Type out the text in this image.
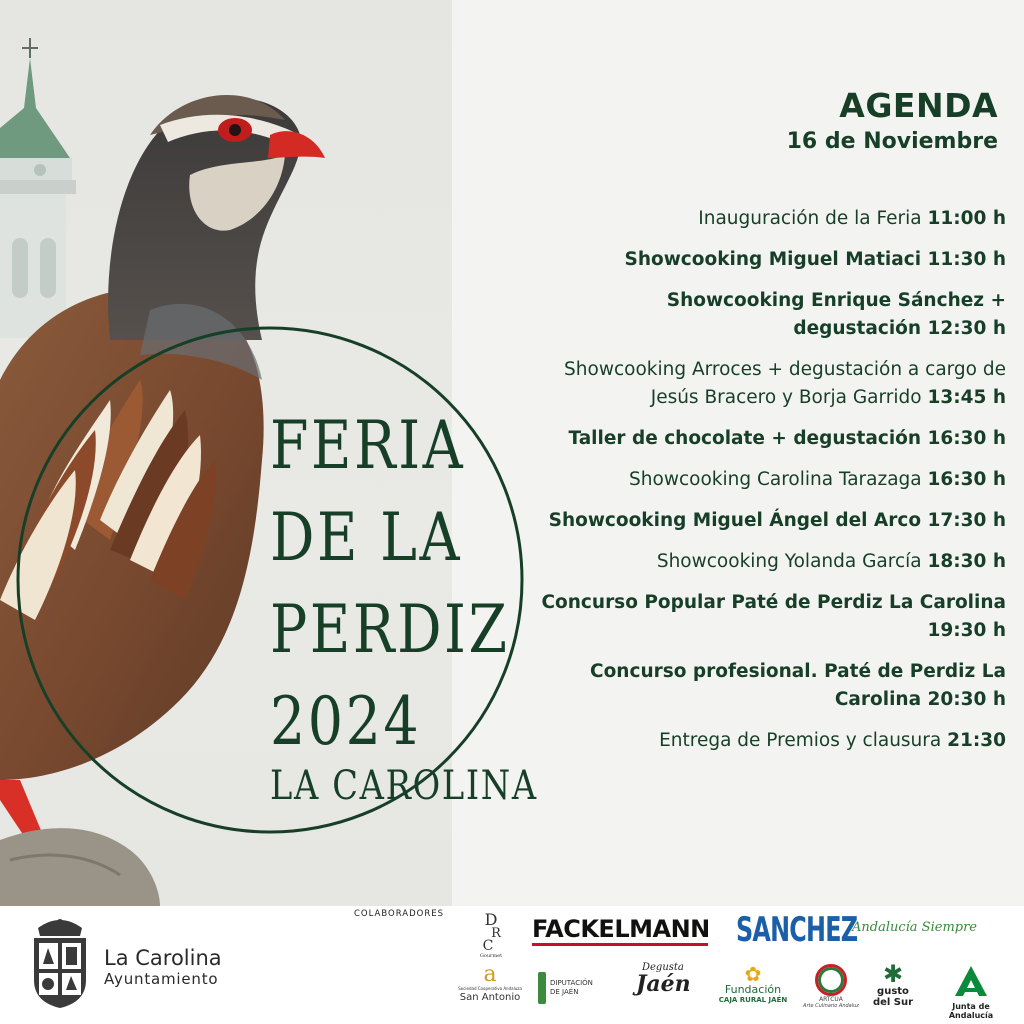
FERIA
DE LA
PERDIZ
2024
LA CAROLINA
AGENDA
16 de Noviembre
Inauguración de la Feria 11:00 h
Showcooking Miguel Matiaci 11:30 h
Showcooking Enrique Sánchez + degustación 12:30 h
Showcooking Arroces + degustación a cargo de Jesús Bracero y Borja Garrido 13:45 h
Taller de chocolate + degustación 16:30 h
Showcooking Carolina Tarazaga 16:30 h
Showcooking Miguel Ángel del Arco 17:30 h
Showcooking Yolanda García 18:30 h
Concurso Popular Paté de Perdiz La Carolina 19:30 h
Concurso profesional. Paté de Perdiz La Carolina 20:30 h
Entrega de Premios y clausura 21:30
La Carolina
Ayuntamiento
COLABORADORES	D
R
C
Gourmet
FACKELMANN SANCHEZ
Andalucía Siempre
a
Sociedad Cooperativa Andaluza
San Antonio
DIPUTACIÓN DE JAÉN
Degusta
Jaén	✿
Fundación
CAJA RURAL JAÉN	ARTCUA
Arte Culinario Andaluz
✱
gusto del Sur	Junta de Andalucía
